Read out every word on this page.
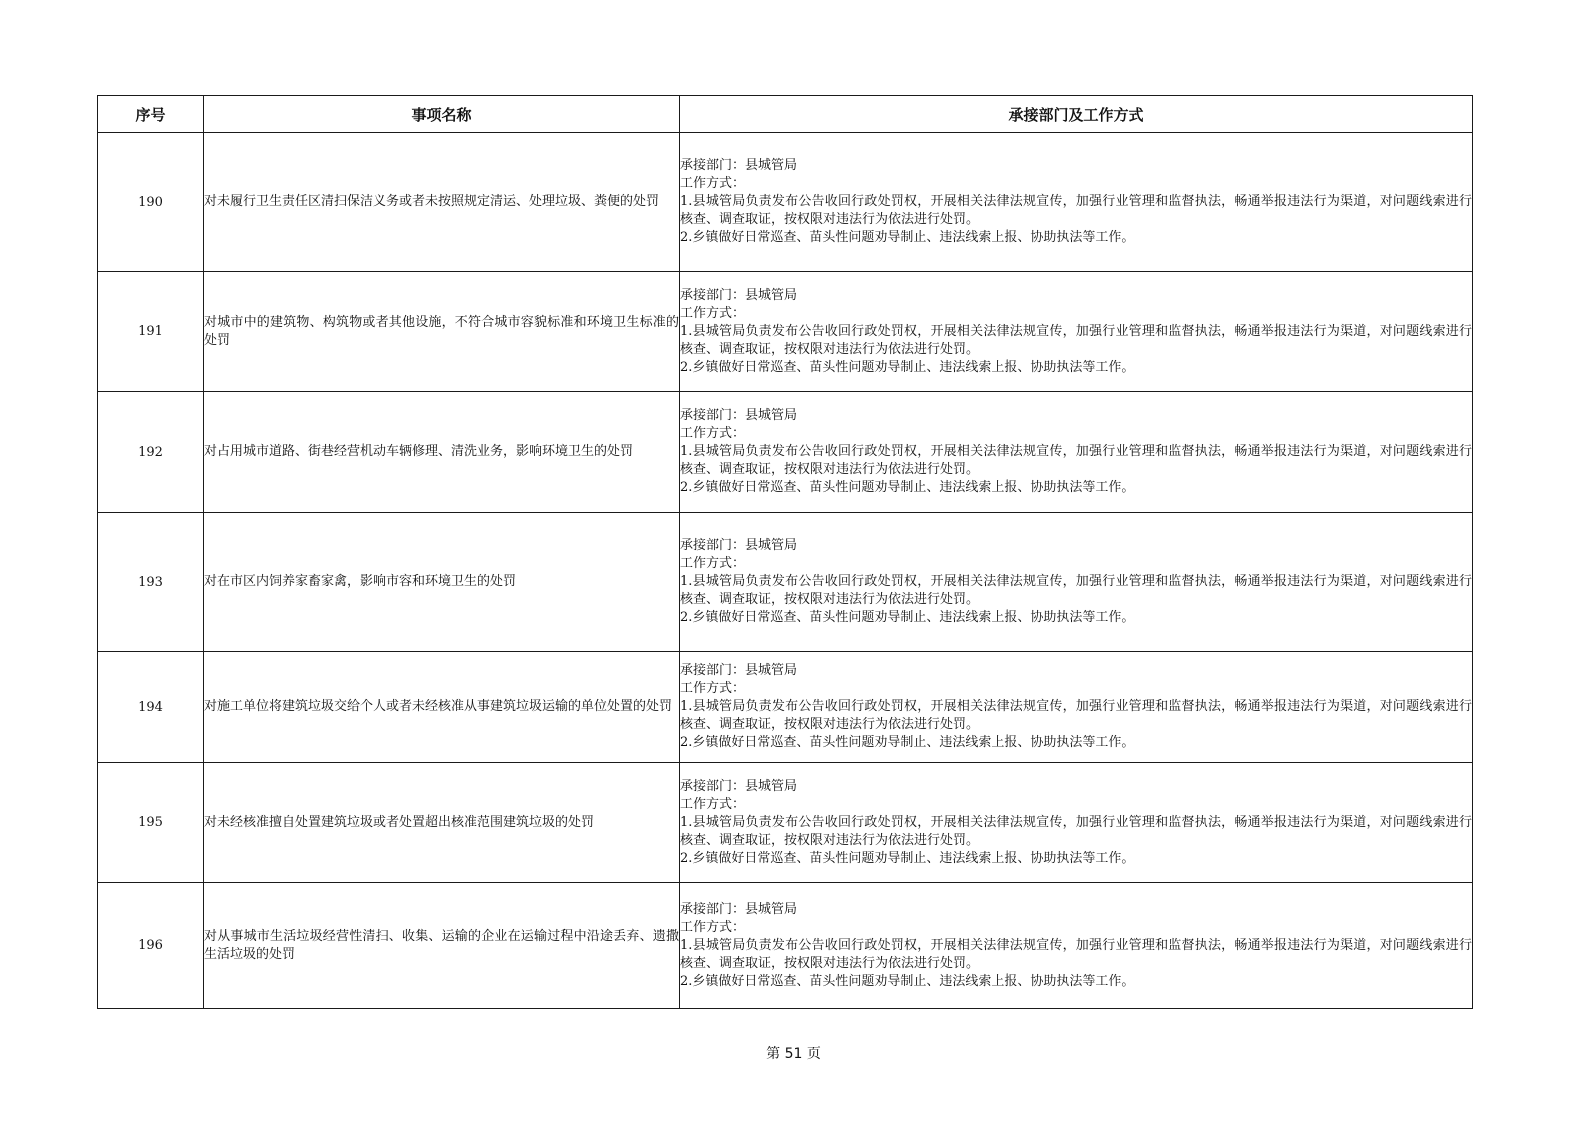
序号	事项名称	承接部门及工作方式
190	对未履行卫生责任区清扫保洁义务或者未按照规定清运、处理垃圾、粪便的处罚	承接部门：县城管局
工作方式：
1.县城管局负责发布公告收回行政处罚权，开展相关法律法规宣传，加强行业管理和监督执法，畅通举报违法行为渠道，对问题线索进行核查、调查取证，按权限对违法行为依法进行处罚。
2.乡镇做好日常巡查、苗头性问题劝导制止、违法线索上报、协助执法等工作。

191	对城市中的建筑物、构筑物或者其他设施，不符合城市容貌标准和环境卫生标准的处罚	承接部门：县城管局
工作方式：
1.县城管局负责发布公告收回行政处罚权，开展相关法律法规宣传，加强行业管理和监督执法，畅通举报违法行为渠道，对问题线索进行核查、调查取证，按权限对违法行为依法进行处罚。
2.乡镇做好日常巡查、苗头性问题劝导制止、违法线索上报、协助执法等工作。

192	对占用城市道路、街巷经营机动车辆修理、清洗业务，影响环境卫生的处罚	承接部门：县城管局
工作方式：
1.县城管局负责发布公告收回行政处罚权，开展相关法律法规宣传，加强行业管理和监督执法，畅通举报违法行为渠道，对问题线索进行核查、调查取证，按权限对违法行为依法进行处罚。
2.乡镇做好日常巡查、苗头性问题劝导制止、违法线索上报、协助执法等工作。

193	对在市区内饲养家畜家禽，影响市容和环境卫生的处罚	承接部门：县城管局
工作方式：
1.县城管局负责发布公告收回行政处罚权，开展相关法律法规宣传，加强行业管理和监督执法，畅通举报违法行为渠道，对问题线索进行核查、调查取证，按权限对违法行为依法进行处罚。
2.乡镇做好日常巡查、苗头性问题劝导制止、违法线索上报、协助执法等工作。

194	对施工单位将建筑垃圾交给个人或者未经核准从事建筑垃圾运输的单位处置的处罚	承接部门：县城管局
工作方式：
1.县城管局负责发布公告收回行政处罚权，开展相关法律法规宣传，加强行业管理和监督执法，畅通举报违法行为渠道，对问题线索进行核查、调查取证，按权限对违法行为依法进行处罚。
2.乡镇做好日常巡查、苗头性问题劝导制止、违法线索上报、协助执法等工作。

195	对未经核准擅自处置建筑垃圾或者处置超出核准范围建筑垃圾的处罚	承接部门：县城管局
工作方式：
1.县城管局负责发布公告收回行政处罚权，开展相关法律法规宣传，加强行业管理和监督执法，畅通举报违法行为渠道，对问题线索进行核查、调查取证，按权限对违法行为依法进行处罚。
2.乡镇做好日常巡查、苗头性问题劝导制止、违法线索上报、协助执法等工作。

196	对从事城市生活垃圾经营性清扫、收集、运输的企业在运输过程中沿途丢弃、遗撒生活垃圾的处罚	承接部门：县城管局
工作方式：
1.县城管局负责发布公告收回行政处罚权，开展相关法律法规宣传，加强行业管理和监督执法，畅通举报违法行为渠道，对问题线索进行核查、调查取证，按权限对违法行为依法进行处罚。
2.乡镇做好日常巡查、苗头性问题劝导制止、违法线索上报、协助执法等工作。
第 51 页
